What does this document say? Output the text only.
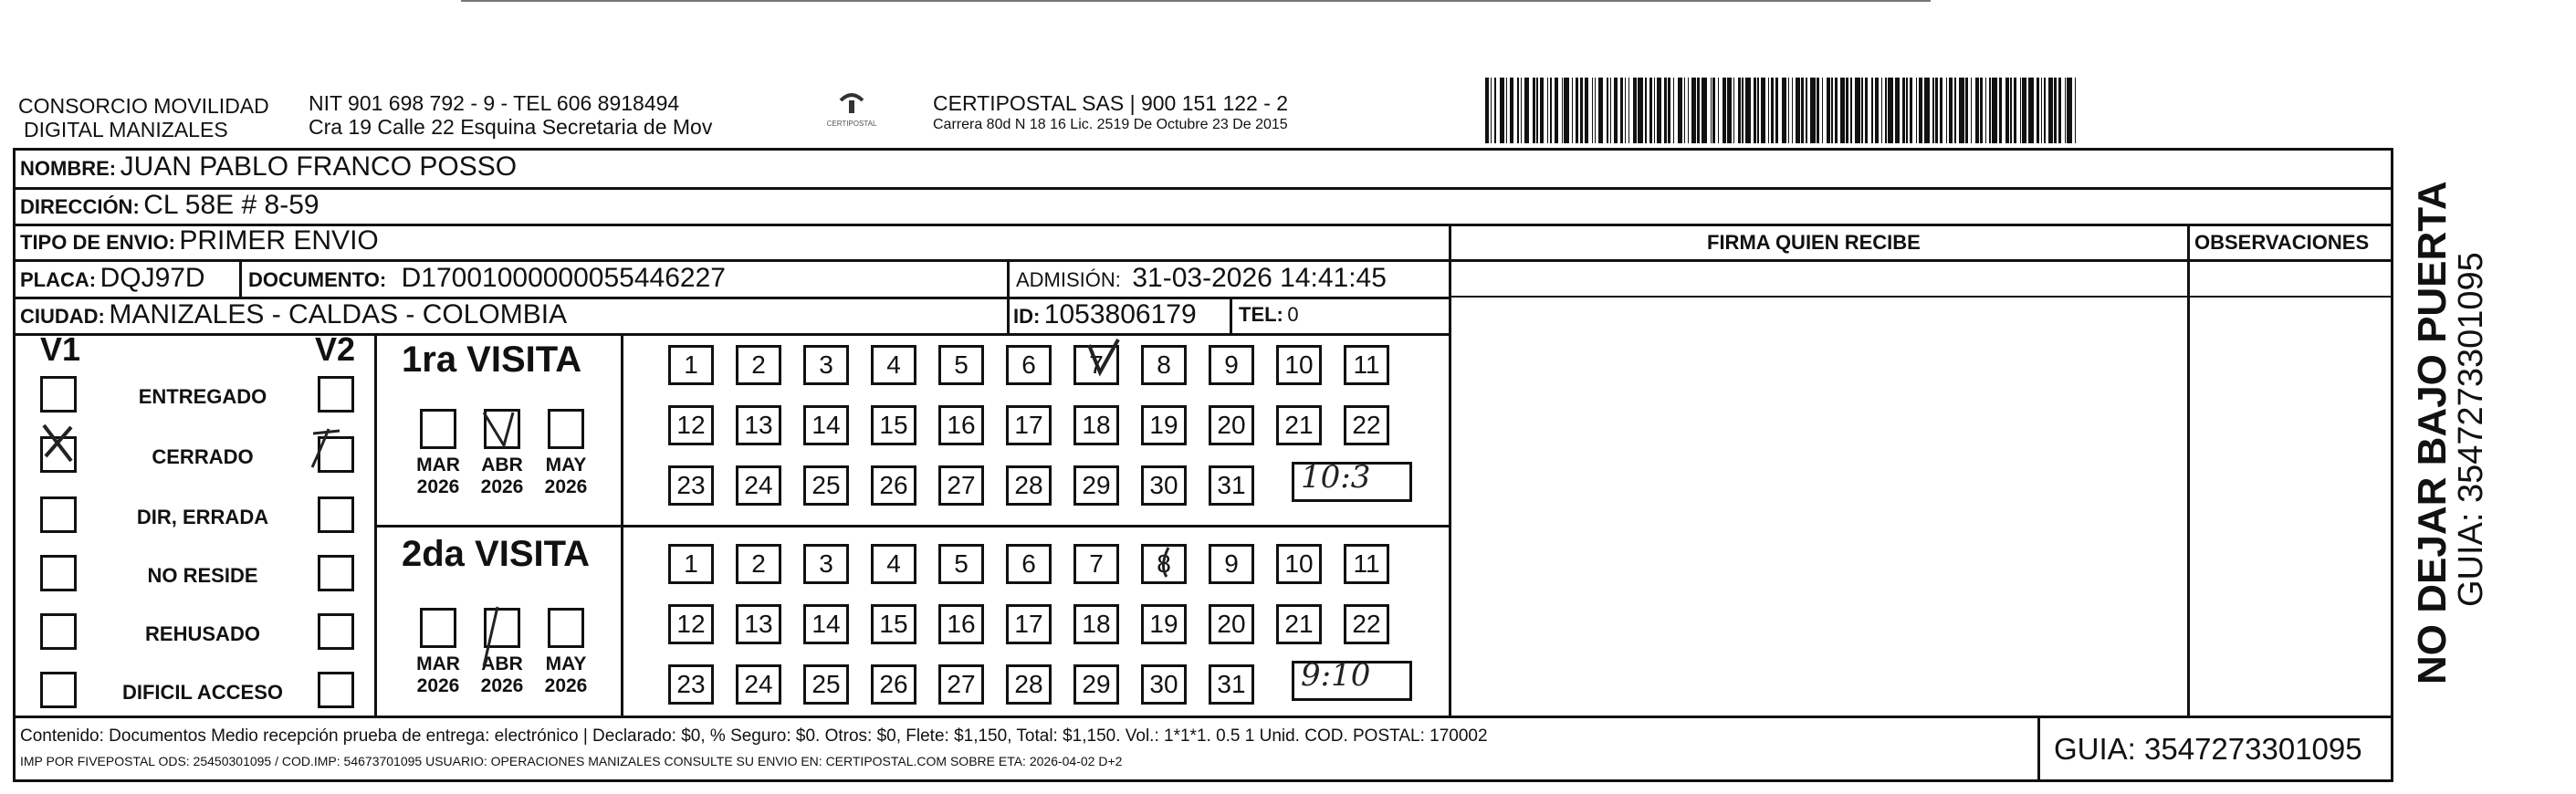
CONSORCIO MOVILIDAD
DIGITAL MANIZALES
NIT 901 698 792 - 9 - TEL 606 8918494
Cra 19 Calle 22 Esquina Secretaria de Mov	CERTIPOSTAL
CERTIPOSTAL SAS | 900 151 122 - 2
Carrera 80d N 18 16 Lic. 2519 De Octubre 23 De 2015
NOMBRE: JUAN PABLO FRANCO POSSO
DIRECCIÓN: CL 58E # 8-59
TIPO DE ENVIO: PRIMER ENVIO	FIRMA QUIEN RECIBE	OBSERVACIONES
PLACA: DQJ97D DOCUMENTO: D17001000000055446227	ADMISIÓN: 31-03-2026 14:41:45
CIUDAD: MANIZALES - CALDAS - COLOMBIA	ID: 1053806179 TEL: 0
V1	V2
ENTREGADO
CERRADO
DIR, ERRADA
NO RESIDE
REHUSADO
DIFICIL ACCESO
1ra VISITA
MAR
2026
ABR
2026
MAY
2026
1	2	3	4	5	6	7	8	9	10	11
12	13	14	15	16	17	18	19	20	21	22
23	24	25	26	27	28	29	30	31
2da VISITA
MAR
2026
ABR
2026
MAY
2026
1	2	3	4	5	6	7	8	9	10	11
12	13	14	15	16	17	18	19	20	21	22
23	24	25	26	27	28	29	30	31
10:3
9:10
Contenido: Documentos Medio recepción prueba de entrega: electrónico | Declarado: $0, % Seguro: $0. Otros: $0, Flete: $1,150, Total: $1,150. Vol.: 1*1*1. 0.5 1 Unid. COD. POSTAL: 170002
IMP POR FIVEPOSTAL ODS: 25450301095 / COD.IMP: 54673701095 USUARIO: OPERACIONES MANIZALES CONSULTE SU ENVIO EN: CERTIPOSTAL.COM SOBRE ETA: 2026-04-02 D+2	GUIA: 3547273301095
NO DEJAR BAJO PUERTA
GUIA: 3547273301095
